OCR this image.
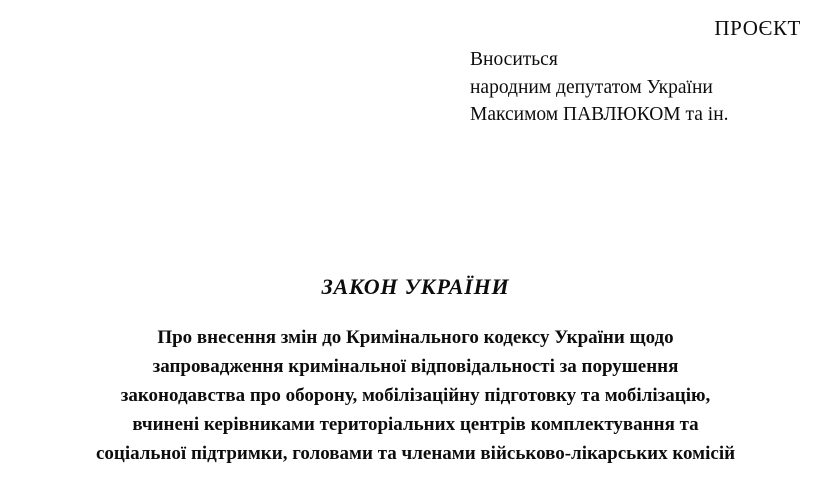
ПРОЄКТ
Вноситься
народним депутатом України
Максимом ПАВЛЮКОМ та ін.
ЗАКОН УКРАЇНИ

Про внесення змін до Кримінального кодексу України щодо

запровадження кримінальної відповідальності за порушення

законодавства про оборону, мобілізаційну підготовку та мобілізацію,

вчинені керівниками територіальних центрів комплектування та

соціальної підтримки, головами та членами військово-лікарських комісій
